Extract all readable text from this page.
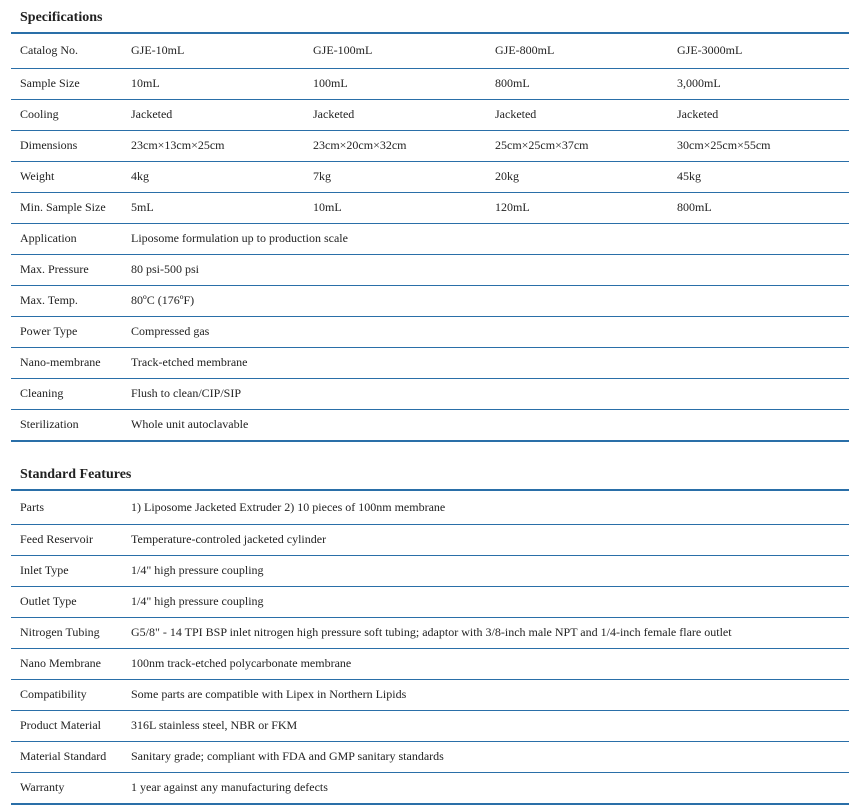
Specifications
Catalog No.	GJE-10mL	GJE-100mL	GJE-800mL	GJE-3000mL
Sample Size	10mL	100mL	800mL	3,000mL
Cooling	Jacketed	Jacketed	Jacketed	Jacketed
Dimensions	23cm×13cm×25cm	23cm×20cm×32cm	25cm×25cm×37cm	30cm×25cm×55cm
Weight	4kg	7kg	20kg	45kg
Min. Sample Size	5mL	10mL	120mL	800mL
Application	Liposome formulation up to production scale			
Max. Pressure	80 psi-500 psi			
Max. Temp.	80ºC (176ºF)			
Power Type	Compressed gas			
Nano-membrane	Track-etched membrane			
Cleaning	Flush to clean/CIP/SIP			
Sterilization	Whole unit autoclavable			
Standard Features
Parts	1) Liposome Jacketed Extruder 2) 10 pieces of 100nm membrane
Feed Reservoir	Temperature-controled jacketed cylinder
Inlet Type	1/4" high pressure coupling
Outlet Type	1/4" high pressure coupling
Nitrogen Tubing	G5/8" - 14 TPI BSP inlet nitrogen high pressure soft tubing; adaptor with 3/8-inch male NPT and 1/4-inch female flare outlet
Nano Membrane	100nm track-etched polycarbonate membrane
Compatibility	Some parts are compatible with Lipex in Northern Lipids
Product Material	316L stainless steel, NBR or FKM
Material Standard	Sanitary grade; compliant with FDA and GMP sanitary standards
Warranty	1 year against any manufacturing defects
